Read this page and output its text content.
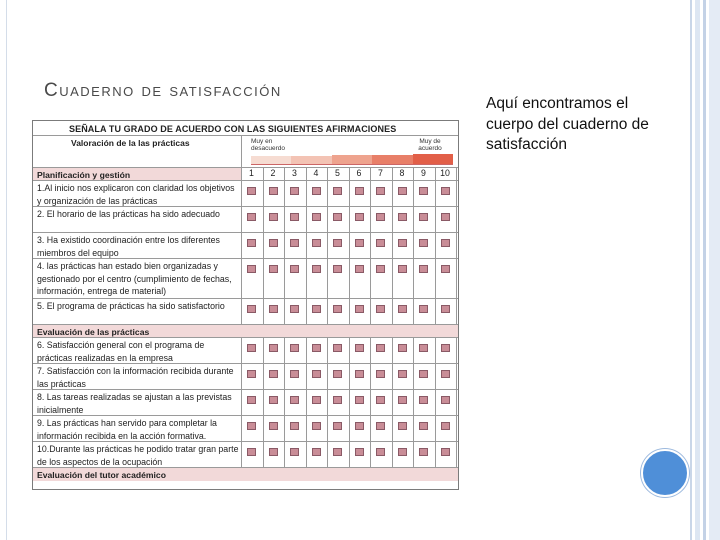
Cuaderno de satisfacción
Aquí encontramos el cuerpo del cuaderno de satisfacción
SEÑALA TU GRADO DE ACUERDO CON LAS SIGUIENTES AFIRMACIONES
Valoración de la las prácticas	Muy en desacuerdo
Muy de acuerdo
Planificación y gestión	1	2	3	4	5	6	7	8	9	10
1.Al inicio nos explicaron con claridad los objetivos y organización de las prácticas
2. El horario de las prácticas ha sido adecuado
3. Ha existido coordinación entre los diferentes miembros del equipo
4. las prácticas han estado bien organizadas y gestionado por el centro (cumplimiento de fechas, información, entrega de material)
5. El programa de prácticas ha sido satisfactorio
Evaluación de las prácticas
6. Satisfacción general con el programa de prácticas realizadas en la empresa
7. Satisfacción con la información recibida durante las prácticas
8. Las tareas realizadas se ajustan a las previstas inicialmente
9. Las prácticas han servido para completar la información recibida en la acción formativa.
10.Durante las prácticas he podido tratar gran parte de los aspectos de la ocupación
Evaluación del tutor académico
